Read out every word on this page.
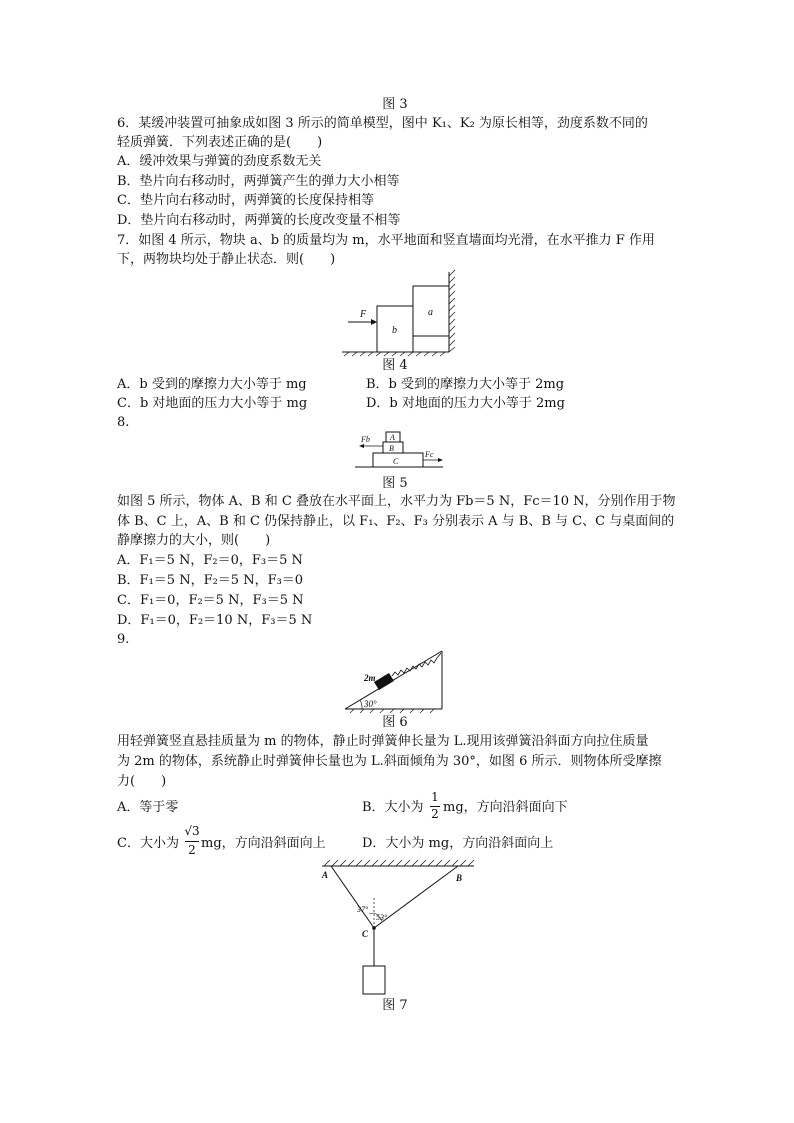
图 3
6．某缓冲装置可抽象成如图 3 所示的简单模型，图中 K₁、K₂ 为原长相等，劲度系数不同的
轻质弹簧．下列表述正确的是(　　)
A．缓冲效果与弹簧的劲度系数无关
B．垫片向右移动时，两弹簧产生的弹力大小相等
C．垫片向右移动时，两弹簧的长度保持相等
D．垫片向右移动时，两弹簧的长度改变量不相等
7．如图 4 所示，物块 a、b 的质量均为 m，水平地面和竖直墙面均光滑，在水平推力 F 作用
下，两物块均处于静止状态．则(　　)
F
b
a
图 4
A．b 受到的摩擦力大小等于 mg	B．b 受到的摩擦力大小等于 2mg
C．b 对地面的压力大小等于 mg	D．b 对地面的压力大小等于 2mg
8.
Fb
Fc
A
B
C
图 5
如图 5 所示，物体 A、B 和 C 叠放在水平面上，水平力为 Fb＝5 N，Fc＝10 N，分别作用于物
体 B、C 上，A、B 和 C 仍保持静止，以 F₁、F₂、F₃ 分别表示 A 与 B、B 与 C、C 与桌面间的
静摩擦力的大小，则(　　)
A．F₁＝5 N，F₂＝0，F₃＝5 N
B．F₁＝5 N，F₂＝5 N，F₃＝0
C．F₁＝0，F₂＝5 N，F₃＝5 N
D．F₁＝0，F₂＝10 N，F₃＝5 N
9.
2m
30°
图 6
用轻弹簧竖直悬挂质量为 m 的物体，静止时弹簧伸长量为 L.现用该弹簧沿斜面方向拉住质量
为 2m 的物体，系统静止时弹簧伸长量也为 L.斜面倾角为 30°，如图 6 所示．则物体所受摩擦
力(　　)
A．等于零	B．大小为
1
2 mg，方向沿斜面向下
C．大小为
√3
2 mg，方向沿斜面向上	D．大小为 mg，方向沿斜面向上
A	B
C
37°
53°
图 7
